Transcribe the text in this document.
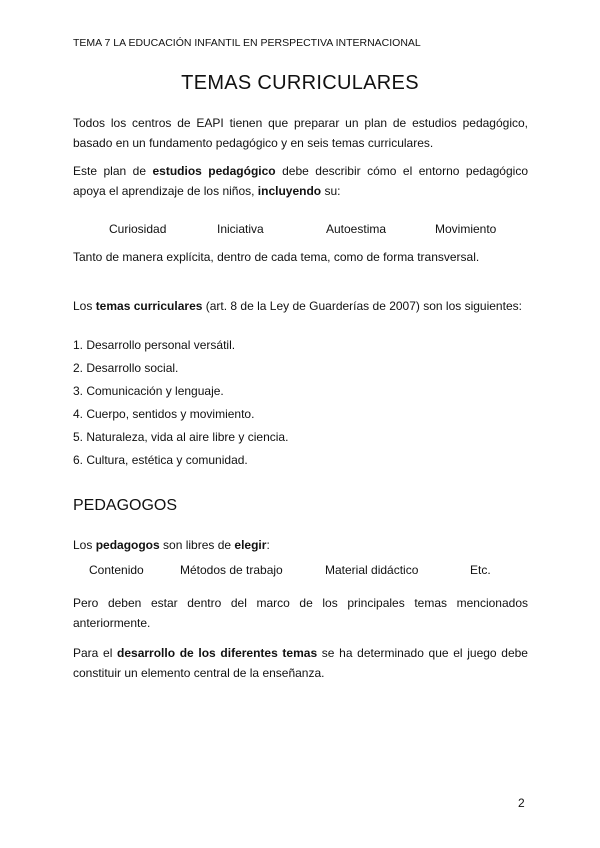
TEMA 7 LA EDUCACIÓN INFANTIL EN PERSPECTIVA INTERNACIONAL
TEMAS CURRICULARES
Todos los centros de EAPI tienen que preparar un plan de estudios pedagógico, basado en un fundamento pedagógico y en seis temas curriculares.
Este plan de estudios pedagógico debe describir cómo el entorno pedagógico apoya el aprendizaje de los niños, incluyendo su:
Curiosidad	Iniciativa	Autoestima	Movimiento
Tanto de manera explícita, dentro de cada tema, como de forma transversal.
Los temas curriculares (art. 8 de la Ley de Guarderías de 2007) son los siguientes:
1. Desarrollo personal versátil.
2. Desarrollo social.
3. Comunicación y lenguaje.
4. Cuerpo, sentidos y movimiento.
5. Naturaleza, vida al aire libre y ciencia.
6. Cultura, estética y comunidad.
PEDAGOGOS
Los pedagogos son libres de elegir:
Contenido	Métodos de trabajo	Material didáctico	Etc.
Pero deben estar dentro del marco de los principales temas mencionados anteriormente.
Para el desarrollo de los diferentes temas se ha determinado que el juego debe constituir un elemento central de la enseñanza.
2
